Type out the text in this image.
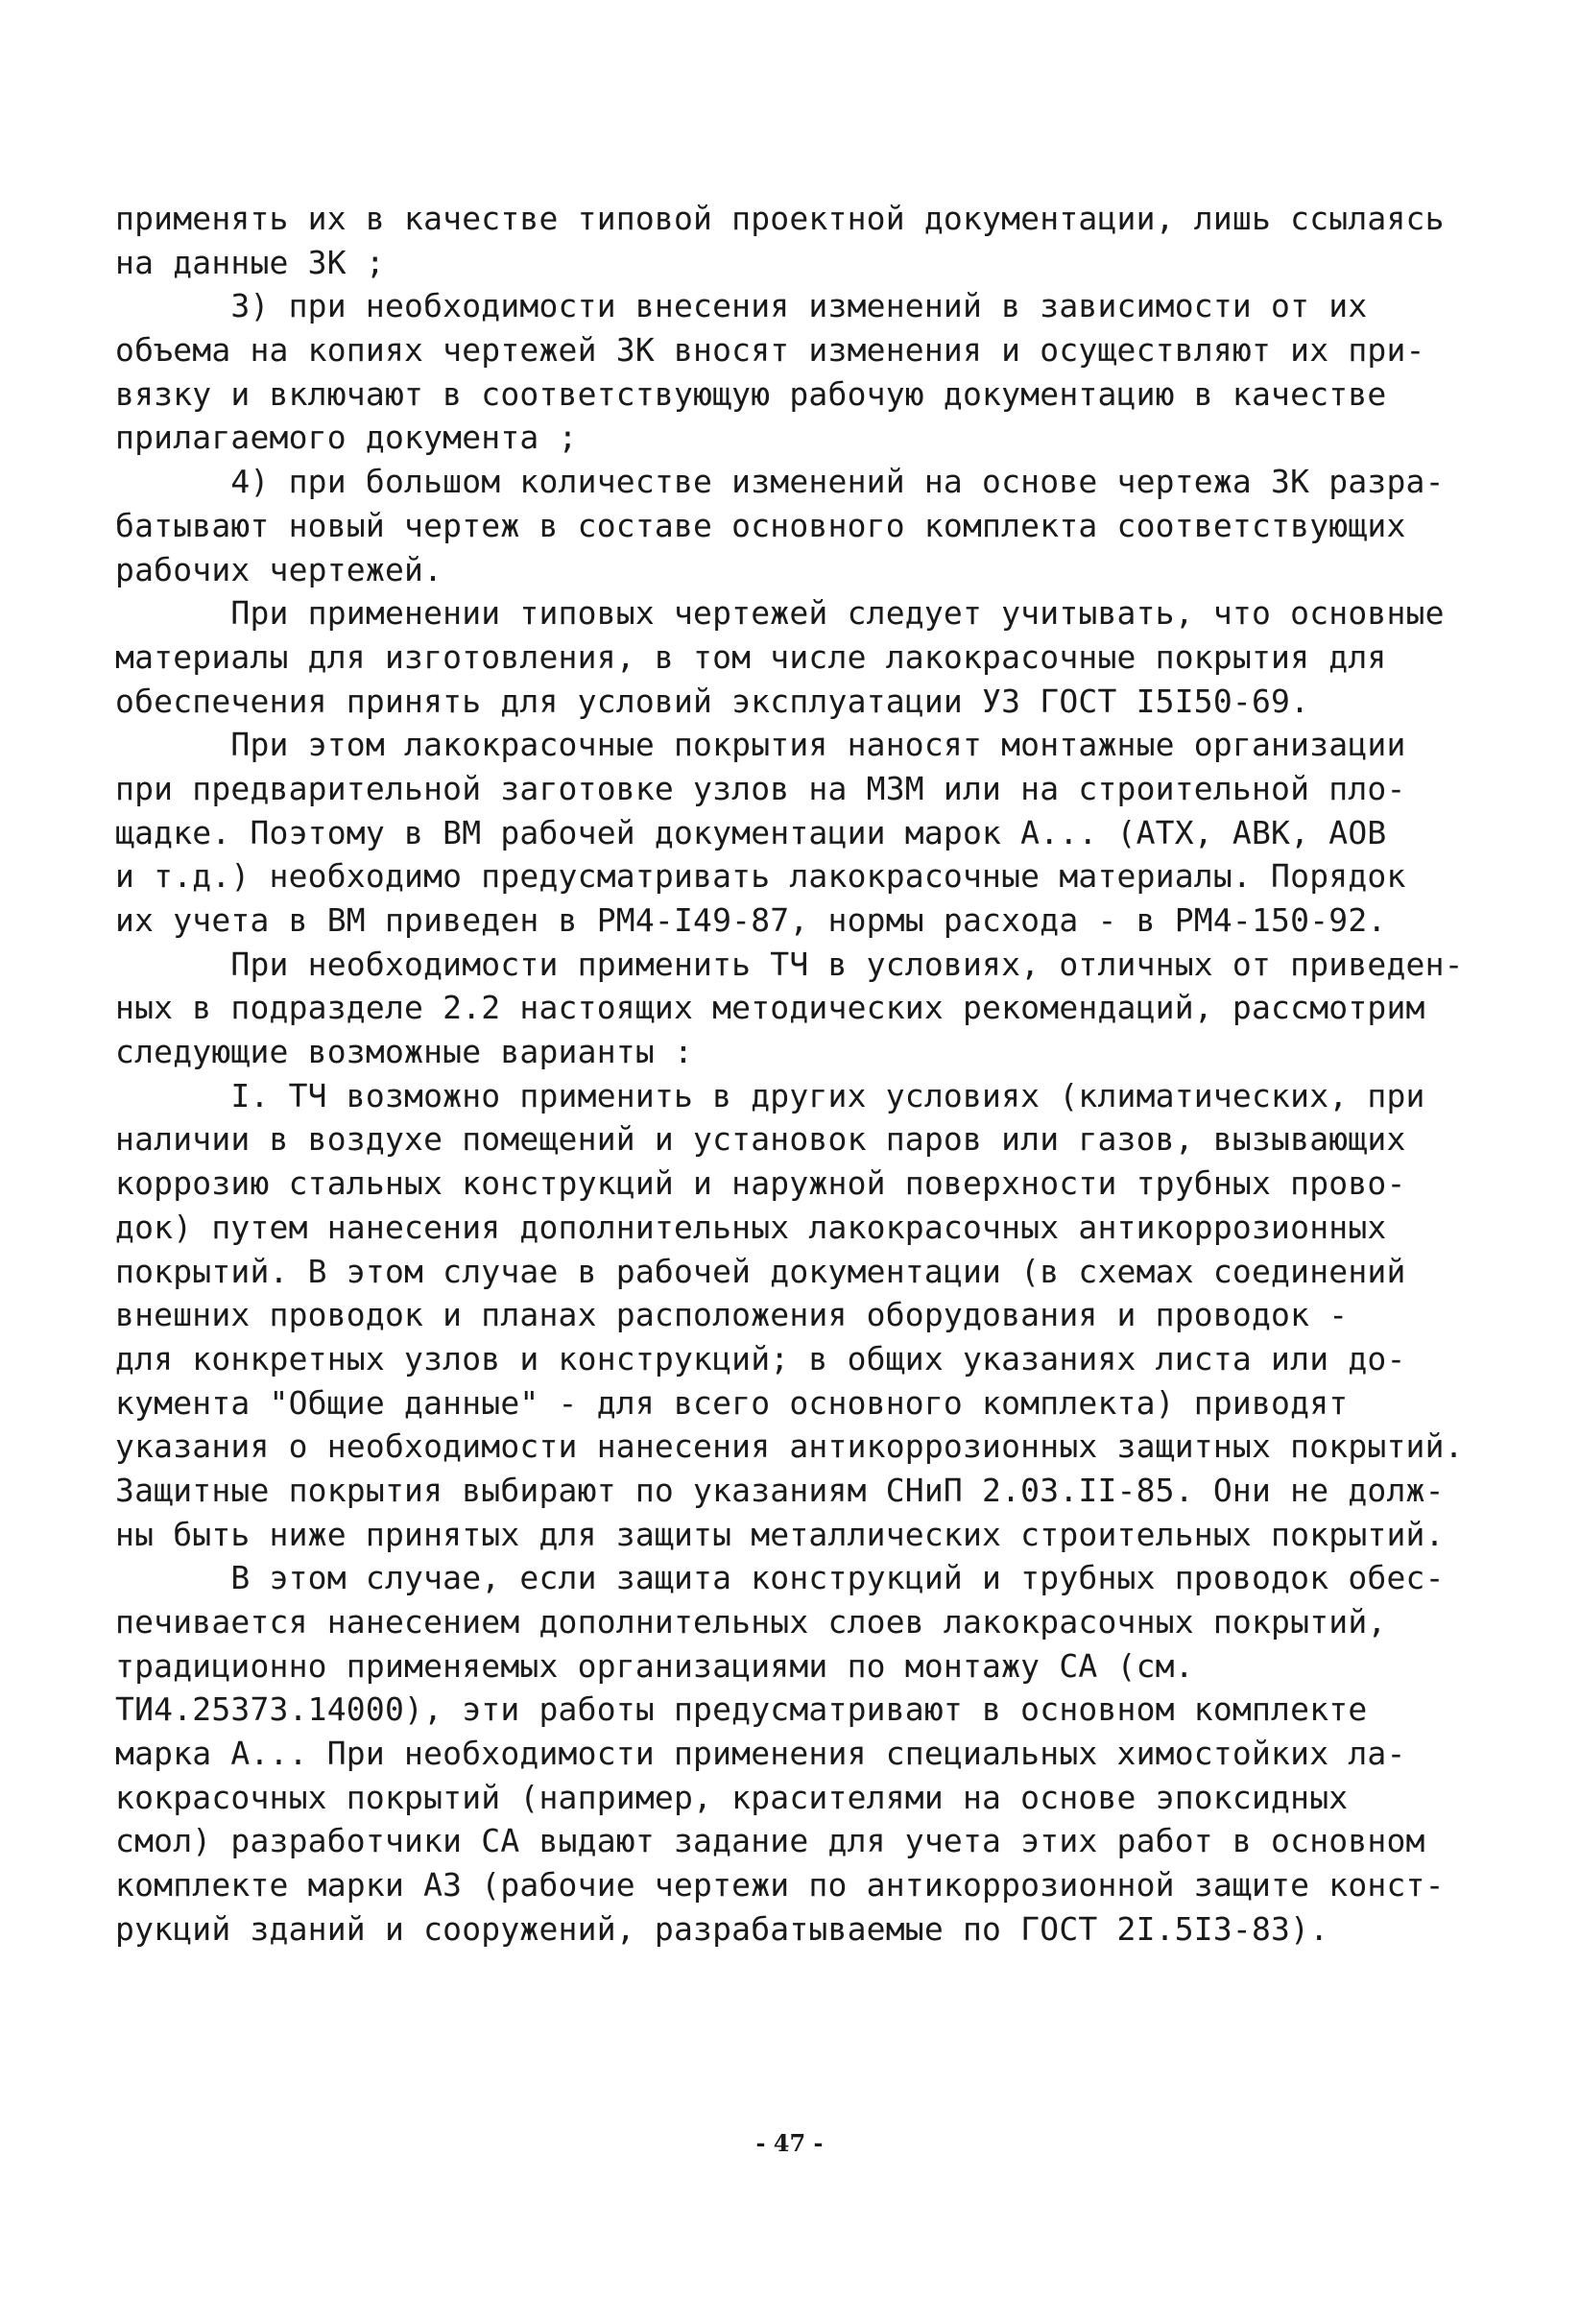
применять их в качестве типовой проектной документации, лишь ссылаясь
на данные ЗК ;
3) при необходимости внесения изменений в зависимости от их
объема на копиях чертежей ЗК вносят изменения и осуществляют их при-
вязку и включают в соответствующую рабочую документацию в качестве
прилагаемого документа ;
4) при большом количестве изменений на основе чертежа ЗК разра-
батывают новый чертеж в составе основного комплекта соответствующих
рабочих чертежей.
При применении типовых чертежей следует учитывать, что основные
материалы для изготовления, в том числе лакокрасочные покрытия для
обеспечения принять для условий эксплуатации УЗ ГОСТ I5I50-69.
При этом лакокрасочные покрытия наносят монтажные организации
при предварительной заготовке узлов на МЗМ или на строительной пло-
щадке. Поэтому в ВМ рабочей документации марок А... (АТХ, АВК, АОВ
и т.д.) необходимо предусматривать лакокрасочные материалы. Порядок
их учета в ВМ приведен в РМ4-I49-87, нормы расхода - в РМ4-150-92.
При необходимости применить ТЧ в условиях, отличных от приведен-
ных в подразделе 2.2 настоящих методических рекомендаций, рассмотрим
следующие возможные варианты :
I. ТЧ возможно применить в других условиях (климатических, при
наличии в воздухе помещений и установок паров или газов, вызывающих
коррозию стальных конструкций и наружной поверхности трубных прово-
док) путем нанесения дополнительных лакокрасочных антикоррозионных
покрытий. В этом случае в рабочей документации (в схемах соединений
внешних проводок и планах расположения оборудования и проводок -
для конкретных узлов и конструкций; в общих указаниях листа или до-
кумента "Общие данные" - для всего основного комплекта) приводят
указания о необходимости нанесения антикоррозионных защитных покрытий.
Защитные покрытия выбирают по указаниям СНиП 2.03.II-85. Они не долж-
ны быть ниже принятых для защиты металлических строительных покрытий.
В этом случае, если защита конструкций и трубных проводок обес-
печивается нанесением дополнительных слоев лакокрасочных покрытий,
традиционно применяемых организациями по монтажу СА (см.
ТИ4.25373.14000), эти работы предусматривают в основном комплекте
марка А... При необходимости применения специальных химостойких ла-
кокрасочных покрытий (например, красителями на основе эпоксидных
смол) разработчики СА выдают задание для учета этих работ в основном
комплекте марки АЗ (рабочие чертежи по антикоррозионной защите конст-
рукций зданий и сооружений, разрабатываемые по ГОСТ 2I.5I3-83).
- 47 -
